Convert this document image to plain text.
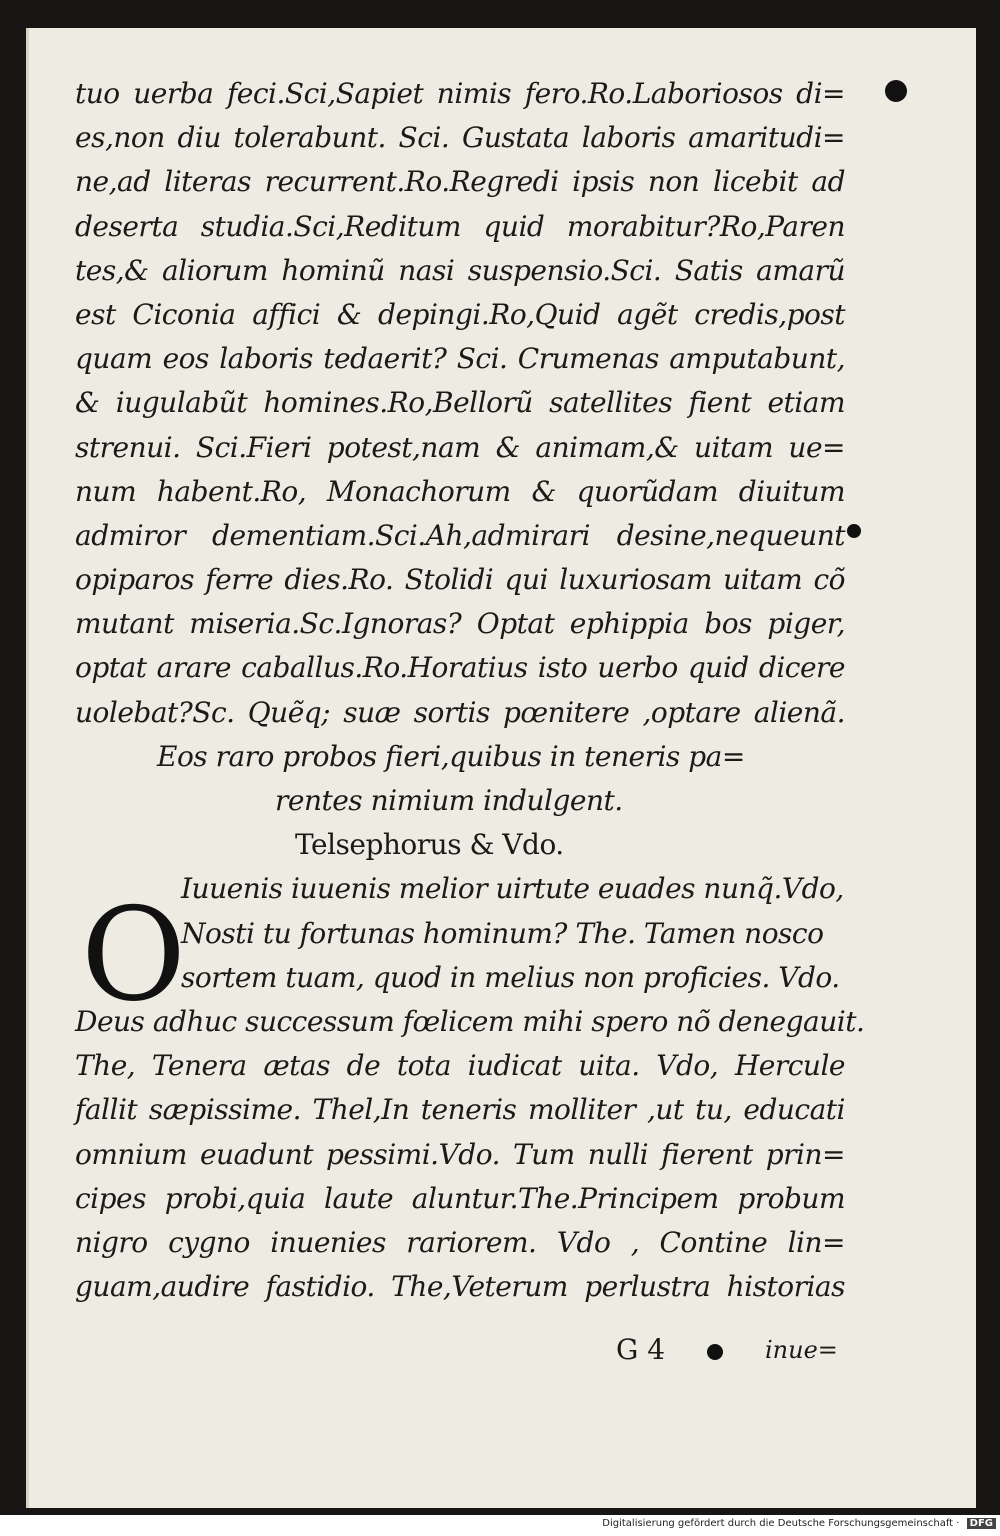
tuo uerba feci.Sci,Sapiet nimis fero.Ro.Laboriosos di=
es,non diu tolerabunt. Sci. Gustata laboris amaritudi=
ne,ad literas recurrent.Ro.Regredi ipsis non licebit ad
deserta studia.Sci,Reditum quid morabitur?Ro,Paren
tes,& aliorum hominũ nasi suspensio.Sci. Satis amarũ
est Ciconia affici & depingi.Ro,Quid agẽt credis,post
quam eos laboris tedaerit? Sci. Crumenas amputabunt,
& iugulabũt homines.Ro,Bellorũ satellites fient etiam
strenui. Sci.Fieri potest,nam & animam,& uitam ue=
num habent.Ro, Monachorum & quorũdam diuitum
admiror dementiam.Sci.Ah,admirari desine,nequeunt
opiparos ferre dies.Ro. Stolidi qui luxuriosam uitam cõ
mutant miseria.Sc.Ignoras? Optat ephippia bos piger,
optat arare caballus.Ro.Horatius isto uerbo quid dicere
uolebat?Sc. Quẽq; suæ sortis pœnitere ,optare alienã.
Eos raro probos fieri,quibus in teneris pa=
rentes nimium indulgent.
Telsephorus & Vdo.
Iuuenis iuuenis melior uirtute euades nunq̃.Vdo,
Nosti tu fortunas hominum? The. Tamen nosco
sortem tuam, quod in melius non proficies. Vdo.
Deus adhuc successum fœlicem mihi spero nõ denegauit.
The, Tenera ætas de tota iudicat uita. Vdo, Hercule
fallit sæpissime. Thel,In teneris molliter ,ut tu, educati
omnium euadunt pessimi.Vdo. Tum nulli fierent prin=
cipes probi,quia laute aluntur.The.Principem probum
nigro cygno inuenies rariorem. Vdo , Contine lin=
guam,audire fastidio. The,Veterum perlustra historias
O
G 4	inue=
Digitalisierung gefördert durch die Deutsche Forschungsgemeinschaft · DFG
